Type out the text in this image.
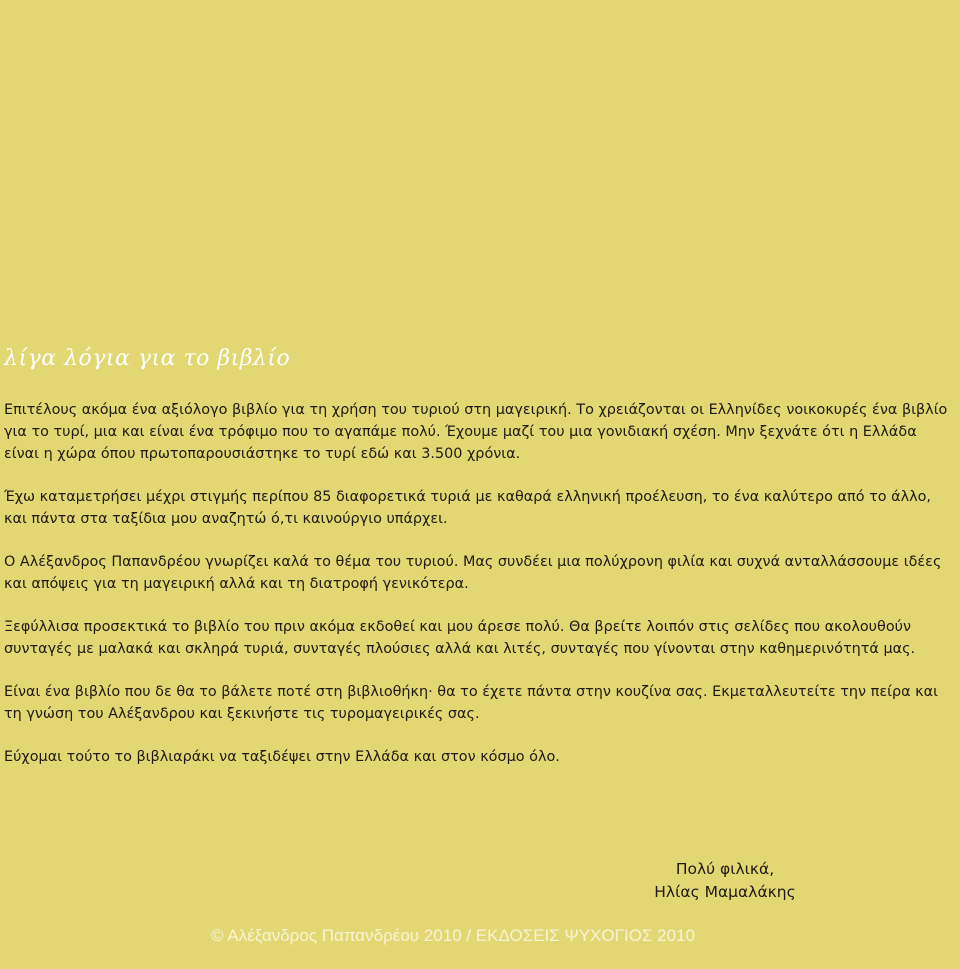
λίγα λόγια για το βιβλίο

Επιτέλους ακόμα ένα αξιόλογο βιβλίο για τη χρήση του τυριού στη μαγειρική. Το χρειάζονται οι Ελληνίδες νοικοκυρές ένα βιβλίο για το τυρί, μια και είναι ένα τρόφιμο που το αγαπάμε πολύ. Έχουμε μαζί του μια γονιδιακή σχέση. Μην ξεχνάτε ότι η Ελλάδα είναι η χώρα όπου πρωτοπαρουσιάστηκε το τυρί εδώ και 3.500 χρόνια.

Έχω καταμετρήσει μέχρι στιγμής περίπου 85 διαφορετικά τυριά με καθαρά ελληνική προέλευση, το ένα καλύτερο από το άλλο, και πάντα στα ταξίδια μου αναζητώ ό,τι καινούργιο υπάρχει.

Ο Αλέξανδρος Παπανδρέου γνωρίζει καλά το θέμα του τυριού. Μας συνδέει μια πολύχρονη φιλία και συχνά ανταλλάσσουμε ιδέες και απόψεις για τη μαγειρική αλλά και τη διατροφή γενικότερα.

Ξεφύλλισα προσεκτικά το βιβλίο του πριν ακόμα εκδοθεί και μου άρεσε πολύ. Θα βρείτε λοιπόν στις σελίδες που ακολουθούν συνταγές με μαλακά και σκληρά τυριά, συνταγές πλούσιες αλλά και λιτές, συνταγές που γίνονται στην καθημερινότητά μας.

Είναι ένα βιβλίο που δε θα το βάλετε ποτέ στη βιβλιοθήκη· θα το έχετε πάντα στην κουζίνα σας. Εκμεταλλευτείτε την πείρα και τη γνώση του Αλέξανδρου και ξεκινήστε τις τυρομαγειρικές σας.

Εύχομαι τούτο το βιβλιαράκι να ταξιδέψει στην Ελλάδα και στον κόσμο όλο.

Πολύ φιλικά,
Ηλίας Μαμαλάκης
© Αλέξανδρος Παπανδρέου 2010 / ΕΚΔΟΣΕΙΣ ΨΥΧΟΓΙΟΣ 2010
